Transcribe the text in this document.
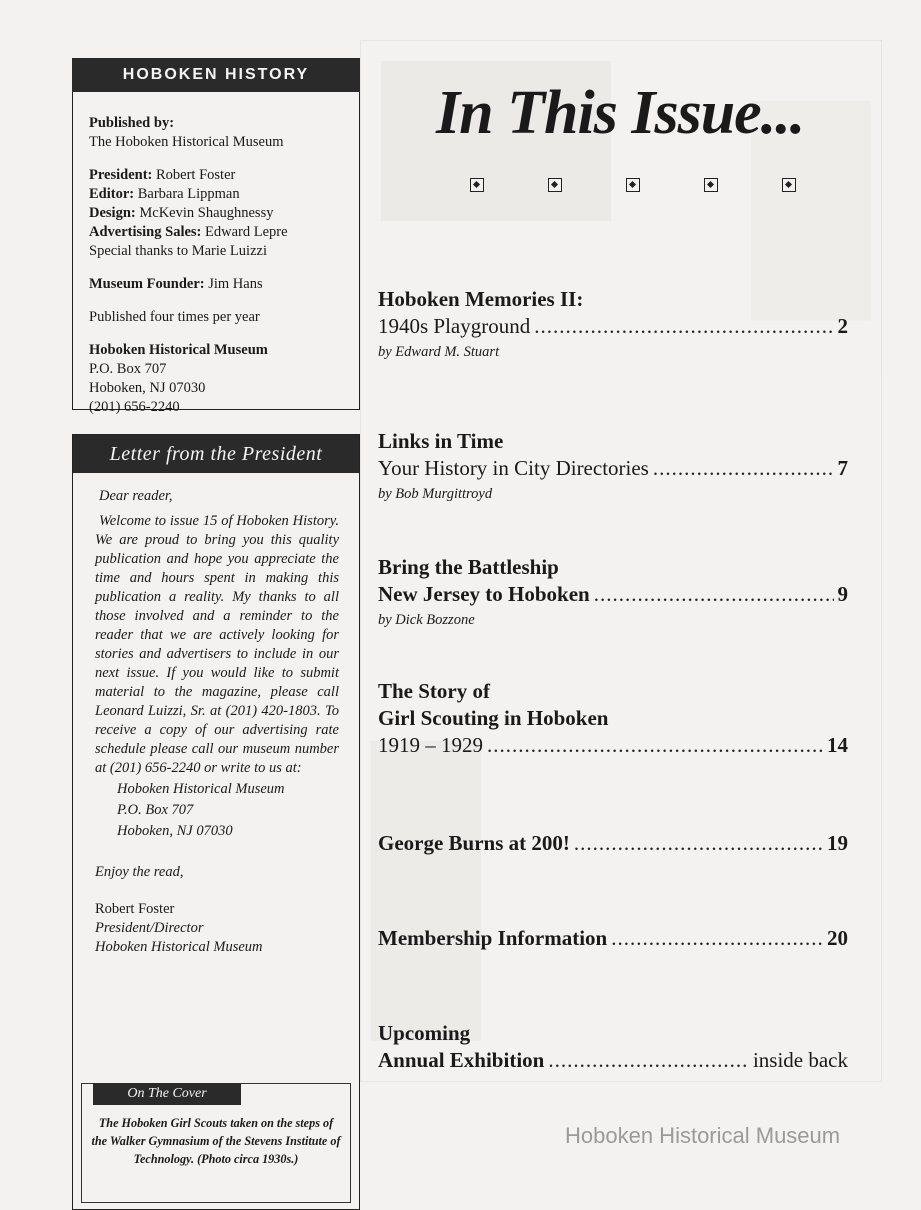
HOBOKEN HISTORY

Published by:

The Hoboken Historical Museum

President: Robert Foster

Editor: Barbara Lippman

Design: McKevin Shaughnessy

Advertising Sales: Edward Lepre

Special thanks to Marie Luizzi

Museum Founder: Jim Hans

Published four times per year

Hoboken Historical Museum

P.O. Box 707

Hoboken, NJ 07030

(201) 656-2240

Letter from the President

Dear reader,

Welcome to issue 15 of Hoboken History. We are proud to bring you this quality publication and hope you appreciate the time and hours spent in making this publication a reality. My thanks to all those involved and a reminder to the reader that we are actively looking for stories and advertisers to include in our next issue. If you would like to submit material to the magazine, please call Leonard Luizzi, Sr. at (201) 420-1803. To receive a copy of our advertising rate schedule please call our museum number at (201) 656-2240 or write to us at:

Hoboken Historical Museum

P.O. Box 707

Hoboken, NJ 07030

Enjoy the read,

Robert Foster

President/Director

Hoboken Historical Museum

On The Cover
The Hoboken Girl Scouts taken on the steps of the Walker Gymnasium of the Stevens Institute of Technology. (Photo circa 1930s.)
In This Issue...
Hoboken Memories II:
1940s Playground .....	2
by Edward M. Stuart
Links in Time
Your History in City Directories .....	7
by Bob Murgittroyd
Bring the Battleship
New Jersey to Hoboken .....	9
by Dick Bozzone
The Story of
Girl Scouting in Hoboken
1919 – 1929 .....	14
George Burns at 200! .....	19
Membership Information .....	20
Upcoming
Annual Exhibition .....	inside back
Hoboken Historical Museum
